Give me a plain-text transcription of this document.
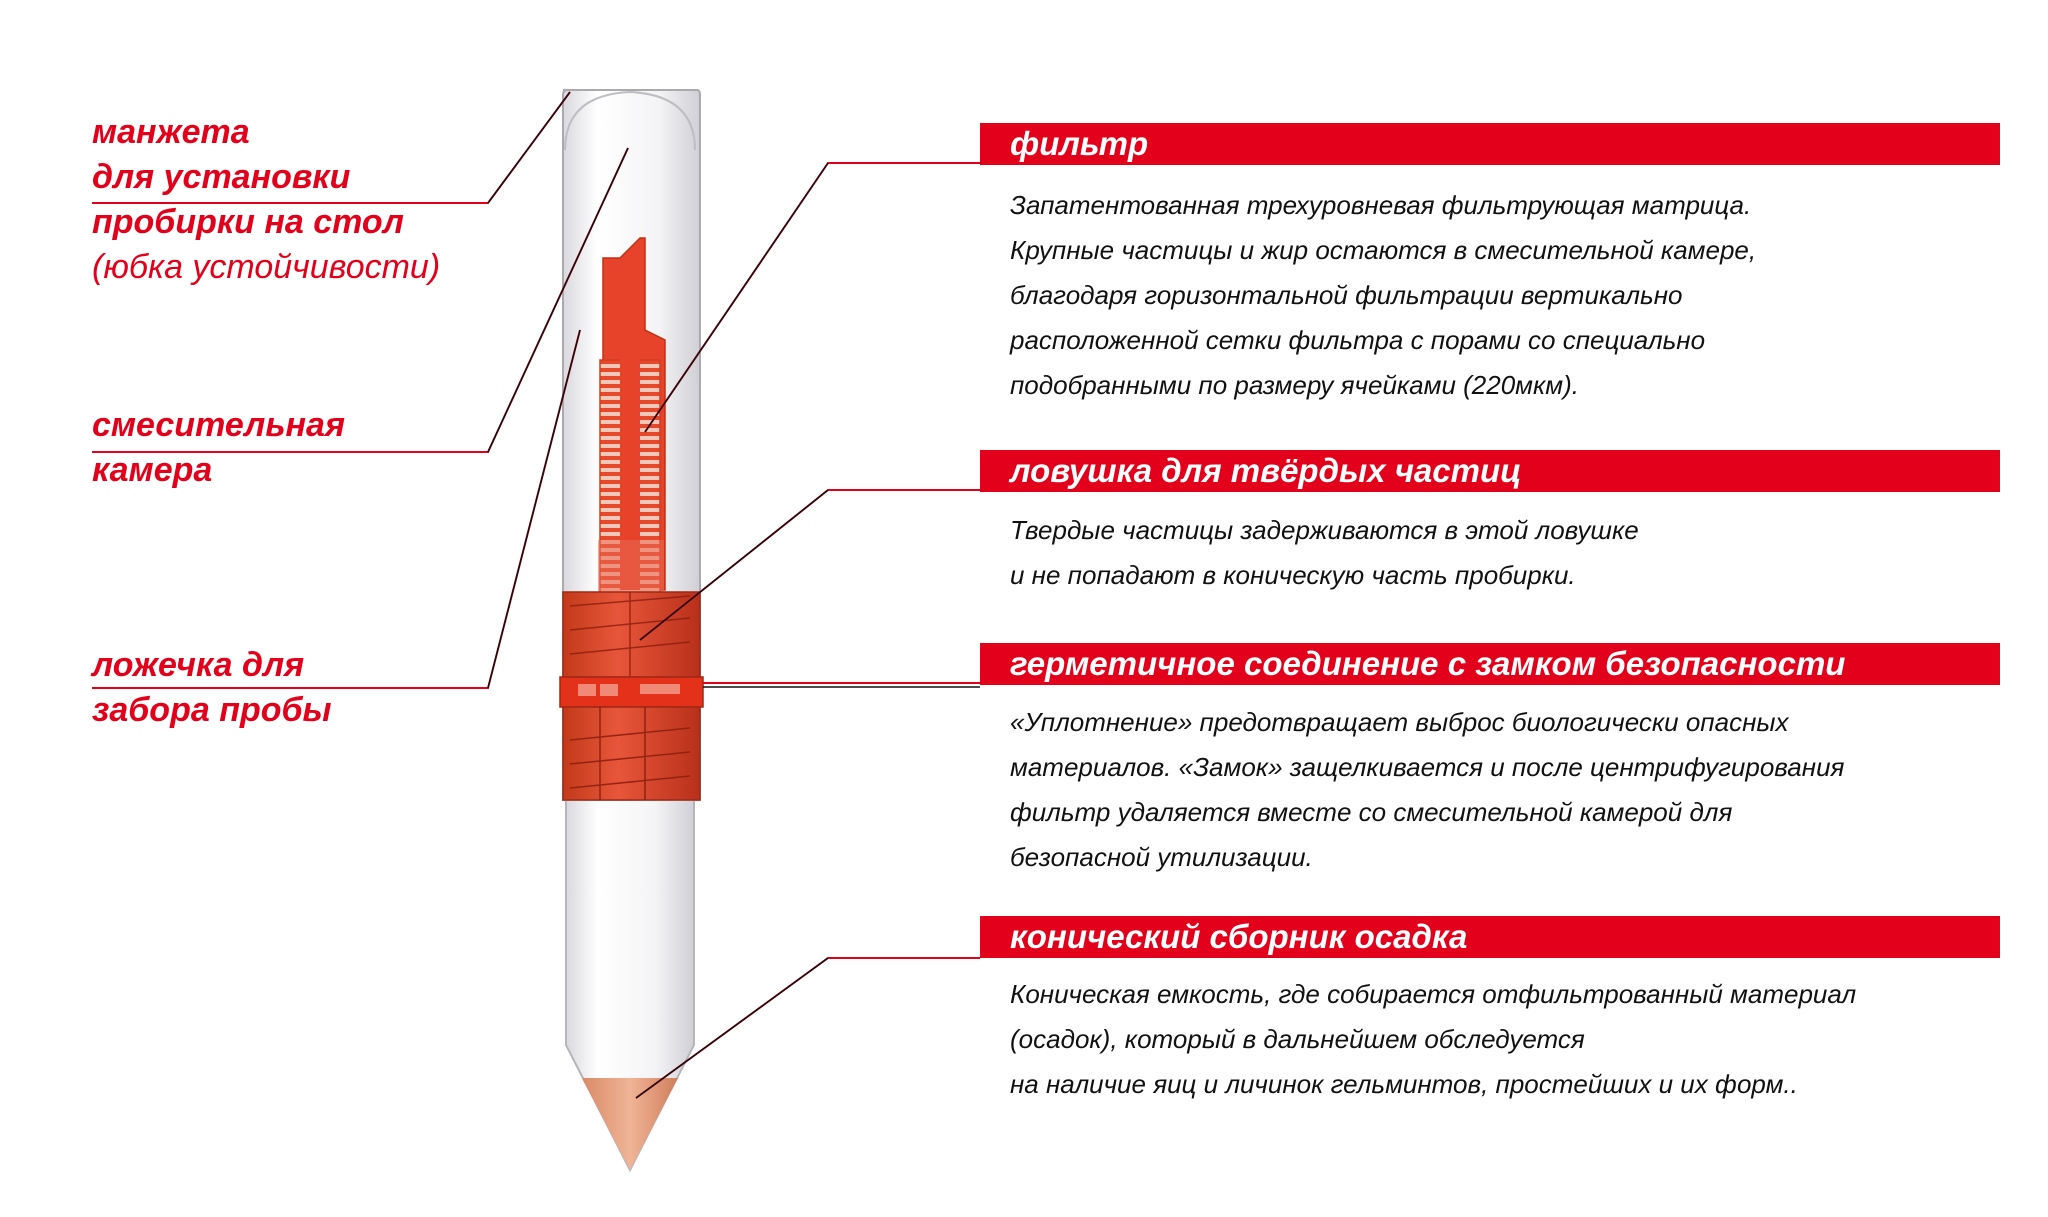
манжета
для установки
пробирки на стол
(юбка устойчивости)
смесительная
камера
ложечка для
забора пробы
фильтр
Запатентованная трехуровневая фильтрующая матрица.
Крупные частицы и жир остаются в смесительной камере,
благодаря горизонтальной фильтрации вертикально
расположенной сетки фильтра с порами со специально
подобранными по размеру ячейками (220мкм).
ловушка для твёрдых частиц
Твердые частицы задерживаются в этой ловушке
и не попадают в коническую часть пробирки.
герметичное соединение с замком безопасности
«Уплотнение» предотвращает выброс биологически опасных
материалов. «Замок» защелкивается и после центрифугирования
фильтр удаляется вместе со смесительной камерой для
безопасной утилизации.
конический сборник осадка
Коническая емкость, где собирается отфильтрованный материал
(осадок), который в дальнейшем обследуется
на наличие яиц и личинок гельминтов, простейших и их форм..
